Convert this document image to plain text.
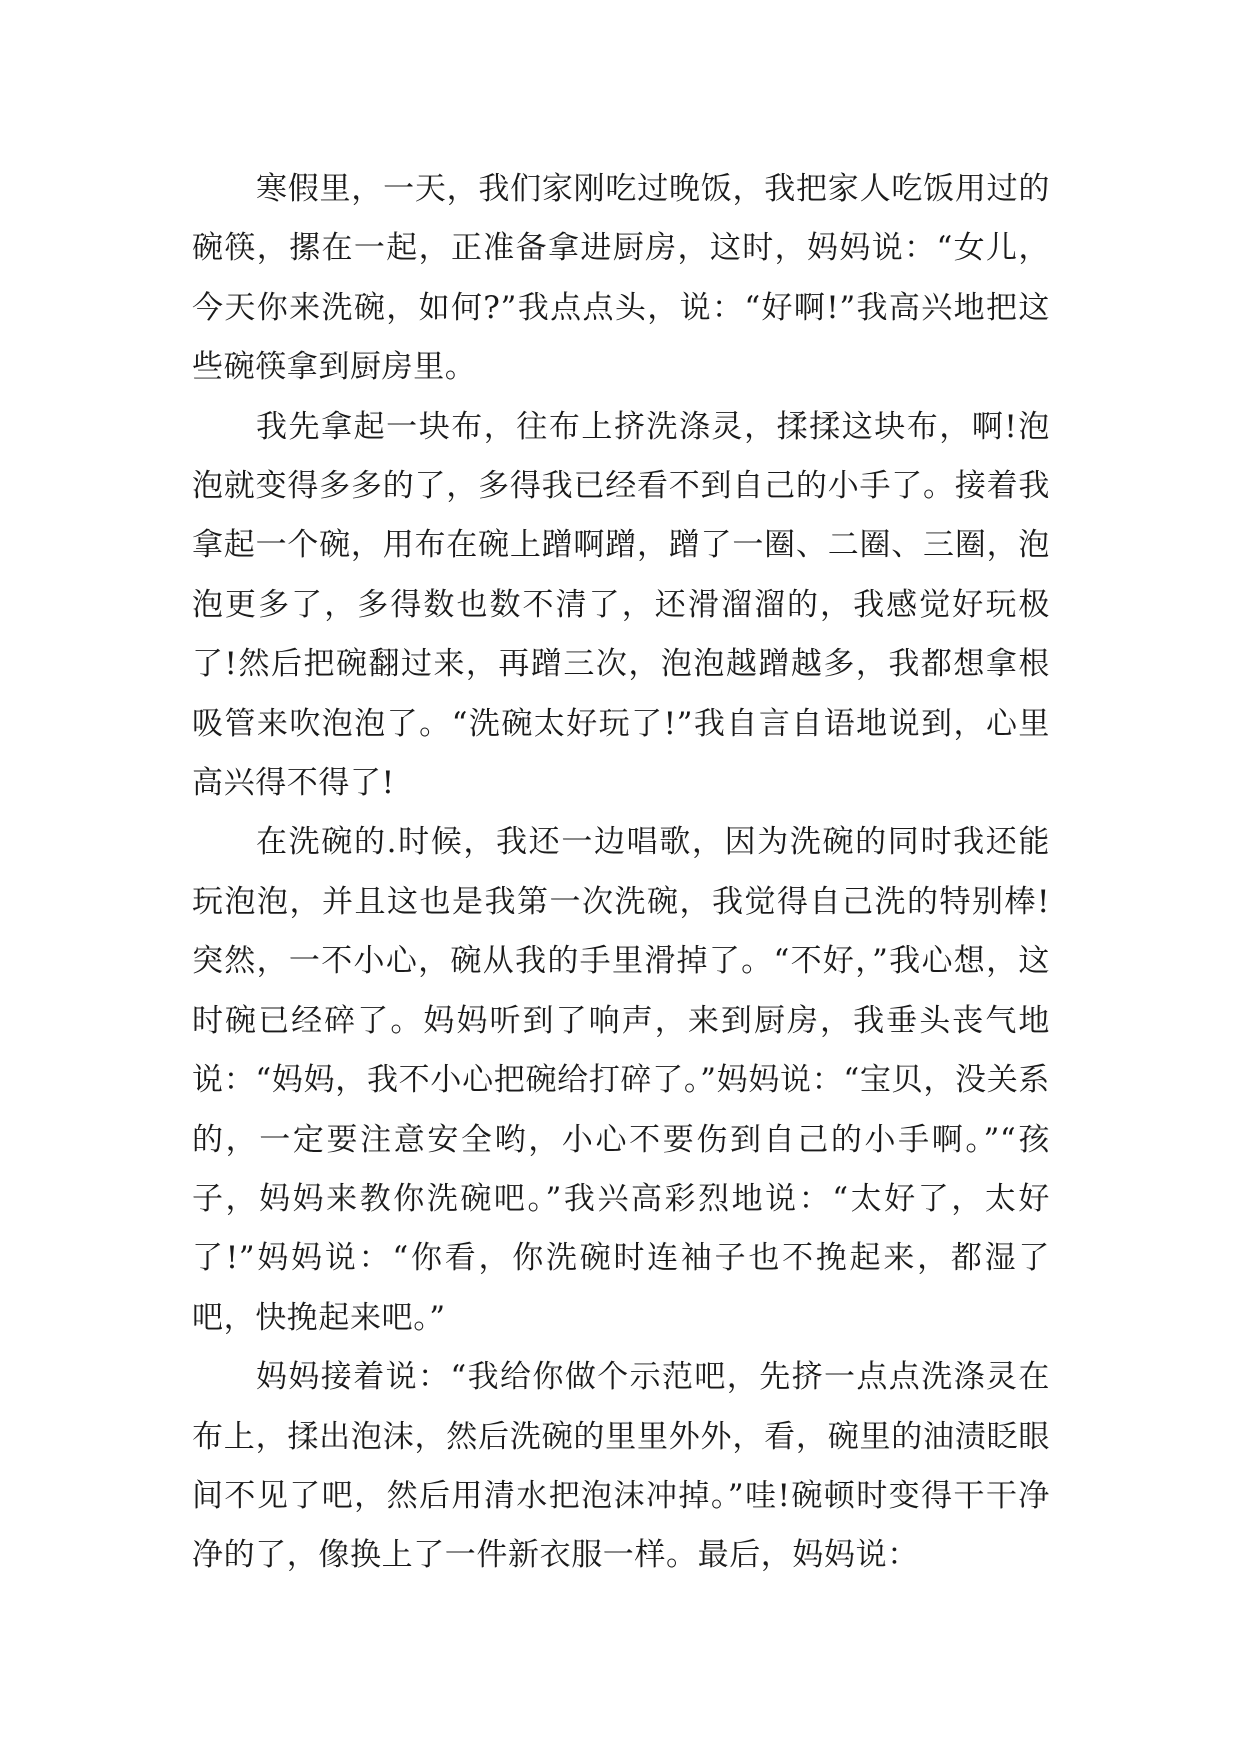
寒假里，一天，我们家刚吃过晚饭，我把家人吃饭用过的碗筷，摞在一起，正准备拿进厨房，这时，妈妈说：“女儿，今天你来洗碗，如何?”我点点头，说：“好啊!”我高兴地把这些碗筷拿到厨房里。

我先拿起一块布，往布上挤洗涤灵，揉揉这块布，啊!泡泡就变得多多的了，多得我已经看不到自己的小手了。接着我拿起一个碗，用布在碗上蹭啊蹭，蹭了一圈、二圈、三圈，泡泡更多了，多得数也数不清了，还滑溜溜的，我感觉好玩极了!然后把碗翻过来，再蹭三次，泡泡越蹭越多，我都想拿根吸管来吹泡泡了。“洗碗太好玩了!”我自言自语地说到，心里高兴得不得了!

在洗碗的.时候，我还一边唱歌，因为洗碗的同时我还能玩泡泡，并且这也是我第一次洗碗，我觉得自己洗的特别棒!突然，一不小心，碗从我的手里滑掉了。“不好，”我心想，这时碗已经碎了。妈妈听到了响声，来到厨房，我垂头丧气地说：“妈妈，我不小心把碗给打碎了。”妈妈说：“宝贝，没关系的，一定要注意安全哟，小心不要伤到自己的小手啊。”“孩子，妈妈来教你洗碗吧。”我兴高彩烈地说：“太好了，太好了!”妈妈说：“你看，你洗碗时连袖子也不挽起来，都湿了吧，快挽起来吧。”

妈妈接着说：“我给你做个示范吧，先挤一点点洗涤灵在布上，揉出泡沫，然后洗碗的里里外外，看，碗里的油渍眨眼间不见了吧，然后用清水把泡沫冲掉。”哇!碗顿时变得干干净净的了，像换上了一件新衣服一样。最后，妈妈说：
